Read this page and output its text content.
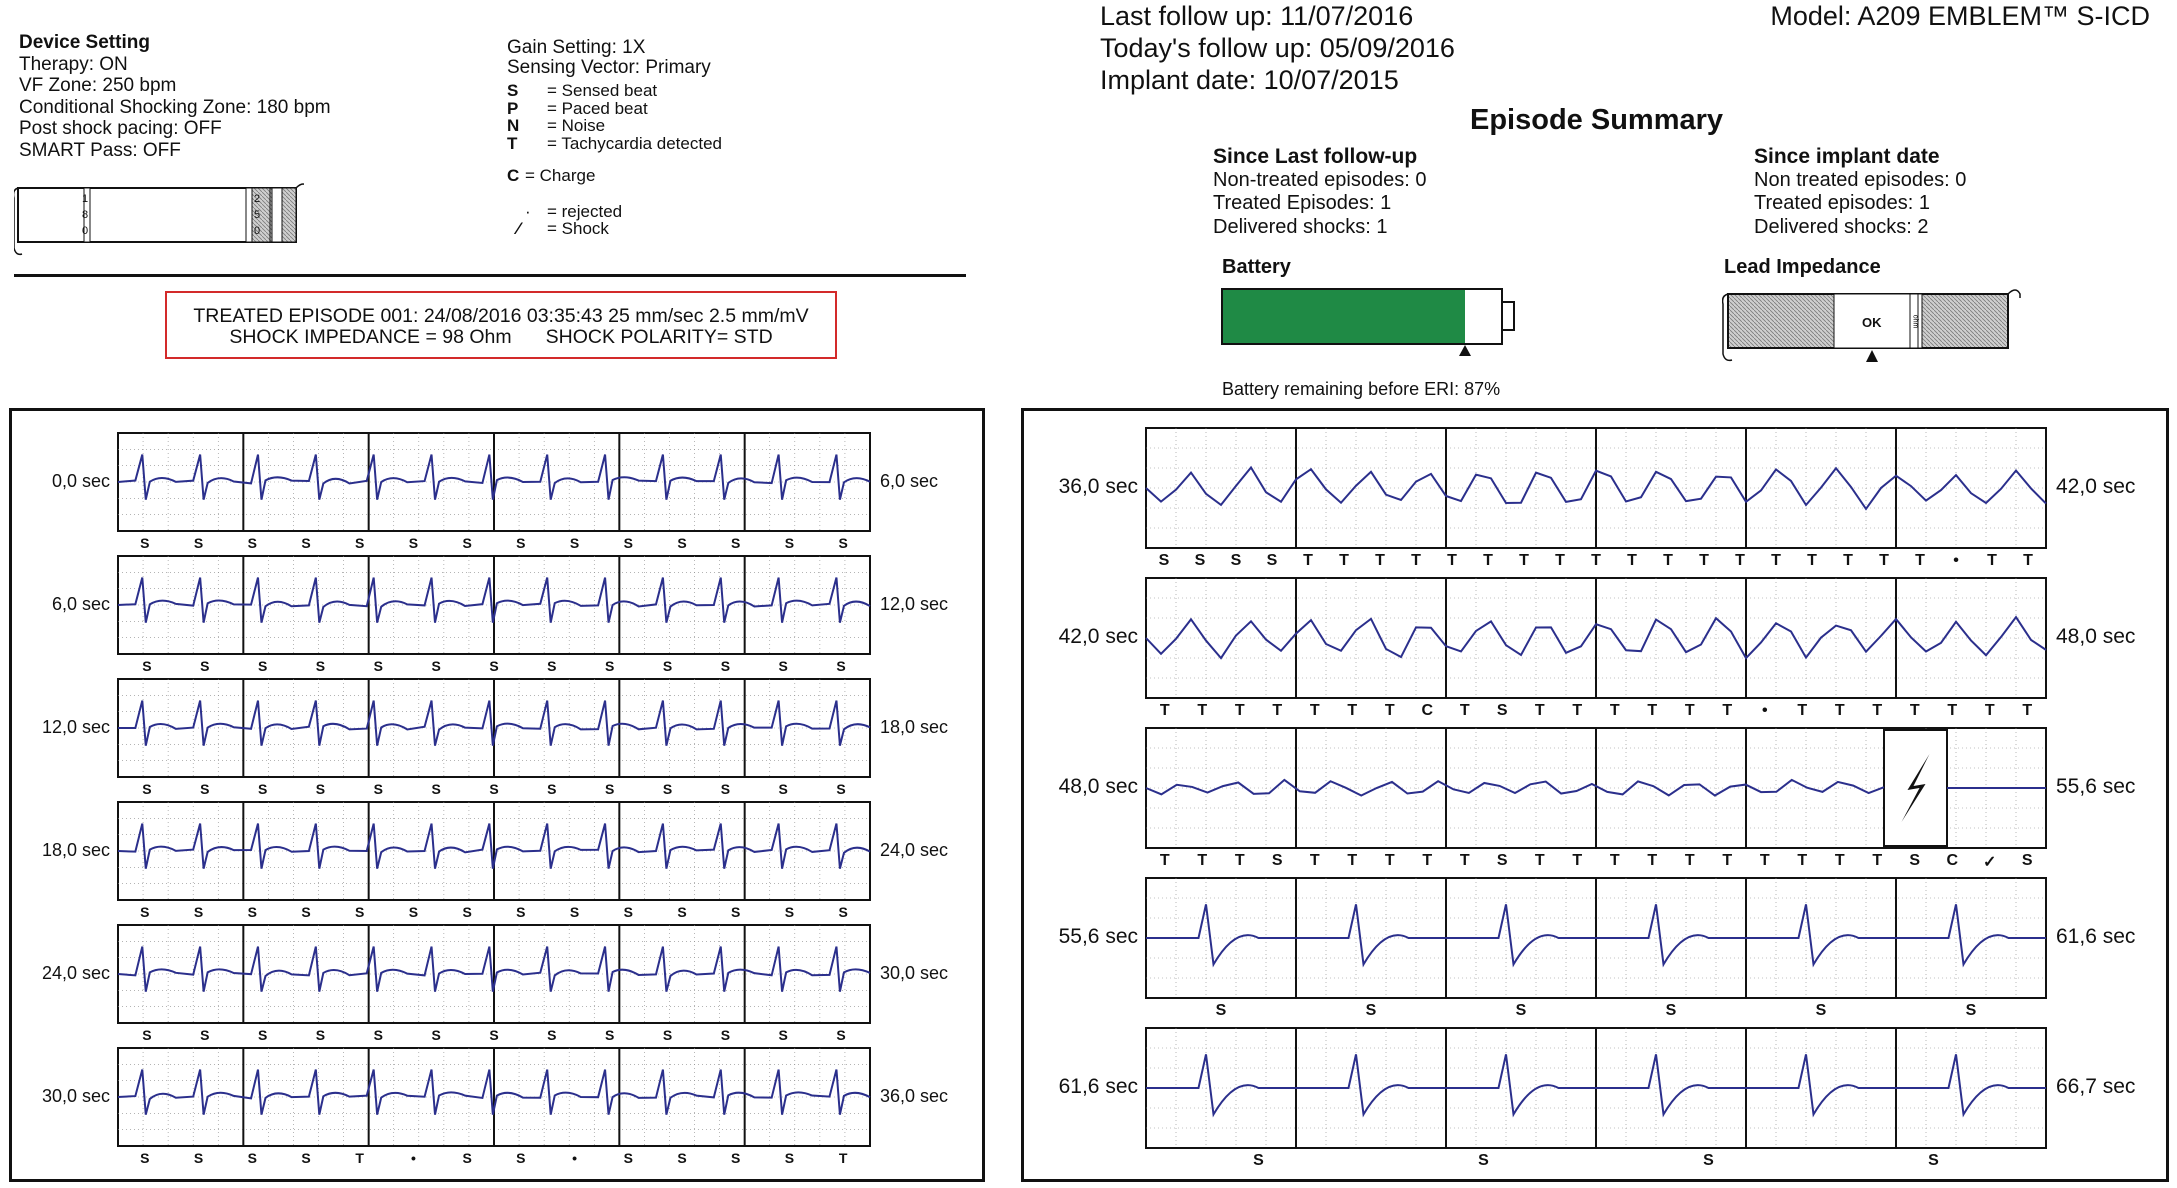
Device Setting
Therapy: ON
VF Zone: 250 bpm
Conditional Shocking Zone: 180 bpm
Post shock pacing: OFF
SMART Pass: OFF
1
8
0
2
5
0
Gain Setting: 1X
Sensing Vector: Primary
S = Sensed beat
P = Paced beat
N = Noise
T = Tachycardia detected
C = Charge
· = rejected
⁄ = Shock
TREATED EPISODE 001: 24/08/2016 03:35:43 25 mm/sec 2.5 mm/mV
SHOCK IMPEDANCE = 98 Ohm SHOCK POLARITY= STD
Last follow up: 11/07/2016
Today's follow up: 05/09/2016
Implant date: 10/07/2015
Model: A209 EMBLEM™ S-ICD
Episode Summary
Since Last follow-up
Non-treated episodes: 0
Treated Episodes: 1
Delivered shocks: 1
Since implant date
Non treated episodes: 0
Treated episodes: 1
Delivered shocks: 2
Battery
Battery remaining before ERI: 87%
Lead Impedance
OK	ohm
S	S	S	S	S	S	S	S	S	S	S	S	S	S
0,0 sec	6,0 sec
S	S	S	S	S	S	S	S	S	S	S	S	S
6,0 sec	12,0 sec
S	S	S	S	S	S	S	S	S	S	S	S	S
12,0 sec	18,0 sec
S	S	S	S	S	S	S	S	S	S	S	S	S	S
18,0 sec	24,0 sec
S	S	S	S	S	S	S	S	S	S	S	S	S
24,0 sec	30,0 sec
S	S	S	S	T	•	S	S	•	S	S	S	S	T
30,0 sec	36,0 sec
S S S S T T T T T T T T T T T T T T T T T T • T T
36,0 sec	42,0 sec
T T T T T T T C T S T T T T T T • T T T T T T T
42,0 sec	48,0 sec
T T T S T T T T T S T T T T T T T T T T S C ✓ S
48,0 sec	55,6 sec
S	S	S	S	S	S
55,6 sec	61,6 sec
S	S	S	S
61,6 sec	66,7 sec
